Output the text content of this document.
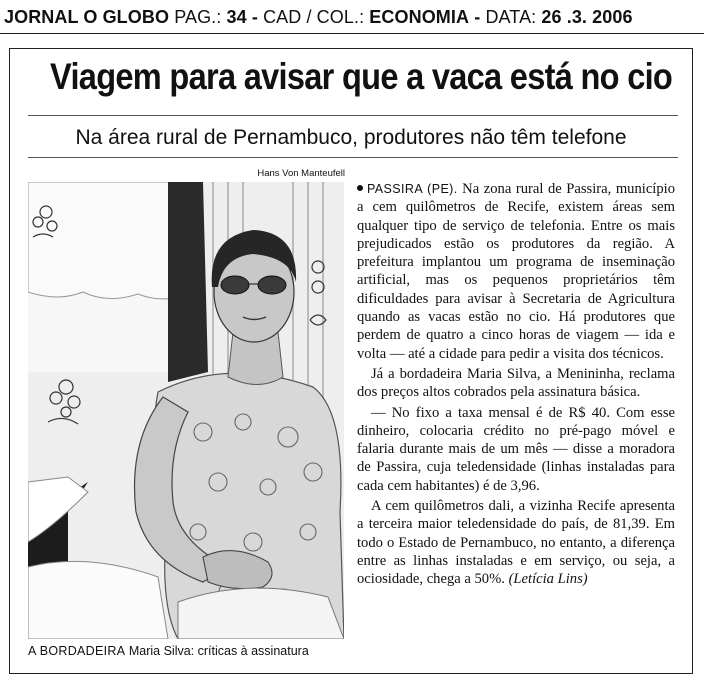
JORNAL O GLOBO PAG.: 34 - CAD / COL.: ECONOMIA - DATA: 26 .3. 2006
Viagem para avisar que a vaca está no cio
Na área rural de Pernambuco, produtores não têm telefone
Hans Von Manteufell
A BORDADEIRA Maria Silva: críticas à assinatura

PASSIRA (PE). Na zona rural de Passira, município a cem quilômetros de Recife, existem áreas sem qualquer tipo de serviço de telefonia. Entre os mais prejudicados estão os produtores da região. A prefeitura implantou um programa de inseminação artificial, mas os pequenos proprietários têm dificuldades para avisar à Secretaria de Agricultura quando as vacas estão no cio. Há produtores que perdem de quatro a cinco horas de viagem — ida e volta — até a cidade para pedir a visita dos técnicos.

Já a bordadeira Maria Silva, a Menininha, reclama dos preços altos cobrados pela assinatura básica.

— No fixo a taxa mensal é de R$ 40. Com esse dinheiro, colocaria crédito no pré-pago móvel e falaria durante mais de um mês — disse a moradora de Passira, cuja teledensidade (linhas instaladas para cada cem habitantes) é de 3,96.

A cem quilômetros dali, a vizinha Recife apresenta a terceira maior teledensidade do país, de 81,39. Em todo o Estado de Pernambuco, no entanto, a diferença entre as linhas instaladas e em serviço, ou seja, a ociosidade, chega a 50%. (Letícia Lins)
